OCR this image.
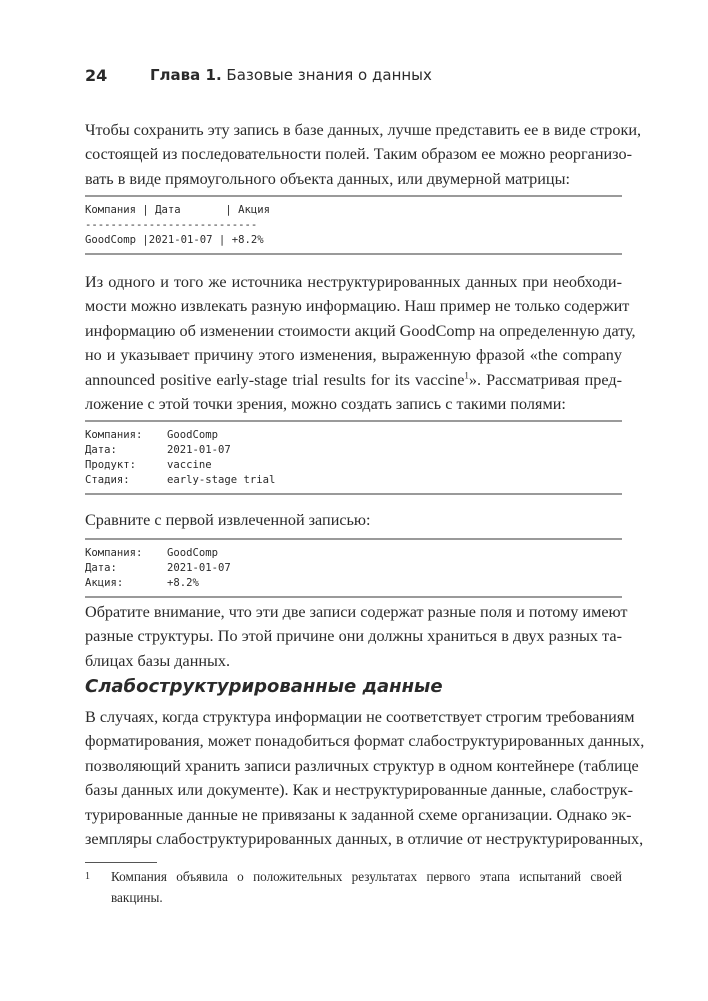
24	Глава 1. Базовые знания о данных
Чтобы сохранить эту запись в базе данных, лучше представить ее в виде строки,
состоящей из последовательности полей. Таким образом ее можно реорганизо-
вать в виде прямоугольного объекта данных, или двумерной матрицы:
Компания | Дата       | Акция
---------------------------
GoodComp |2021-01-07 | +8.2%
Из одного и того же источника неструктурированных данных при необходи-
мости можно извлекать разную информацию. Наш пример не только содержит
информацию об изменении стоимости акций GoodComp на определенную дату,
но и указывает причину этого изменения, выраженную фразой «the company
announced positive early-stage trial results for its vaccine$^1$». Рассматривая пред-
ложение с этой точки зрения, можно создать запись с такими полями:
Компания: GoodComp
Дата:	2021-01-07
Продукт:	vaccine
Стадия:	early-stage trial
Сравните с первой извлеченной записью:
Компания: GoodComp
Дата:	2021-01-07
Акция:	+8.2%
Обратите внимание, что эти две записи содержат разные поля и потому имеют
разные структуры. По этой причине они должны храниться в двух разных та-
блицах базы данных.
Слабоструктурированные данные
В случаях, когда структура информации не соответствует строгим требованиям
форматирования, может понадобиться формат слабоструктурированных данных,
позволяющий хранить записи различных структур в одном контейнере (таблице
базы данных или документе). Как и неструктурированные данные, слабострук-
турированные данные не привязаны к заданной схеме организации. Однако эк-
земпляры слабоструктурированных данных, в отличие от неструктурированных,
1 Компания объявила о положительных результатах первого этапа испытаний своей
вакцины.
